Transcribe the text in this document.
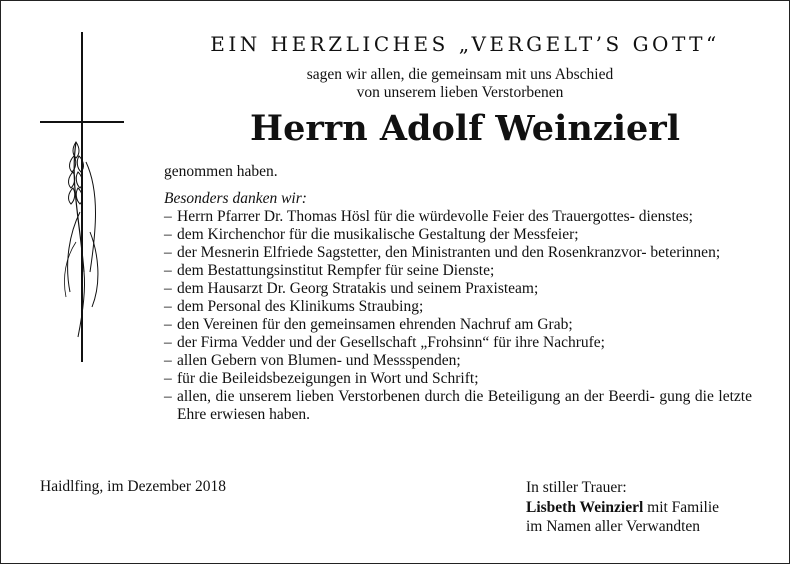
EIN HERZLICHES „VERGELT’S GOTT“
sagen wir allen, die gemeinsam mit uns Abschied
von unserem lieben Verstorbenen
Herrn Adolf Weinzierl
genommen haben.
Besonders danken wir:
– Herrn Pfarrer Dr. Thomas Hösl für die würdevolle Feier des Trauergottes- dienstes;
– dem Kirchenchor für die musikalische Gestaltung der Messfeier;
– der Mesnerin Elfriede Sagstetter, den Ministranten und den Rosenkranzvor- beterinnen;
– dem Bestattungsinstitut Rempfer für seine Dienste;
– dem Hausarzt Dr. Georg Stratakis und seinem Praxisteam;
– dem Personal des Klinikums Straubing;
– den Vereinen für den gemeinsamen ehrenden Nachruf am Grab;
– der Firma Vedder und der Gesellschaft „Frohsinn“ für ihre Nachrufe;
– allen Gebern von Blumen- und Messspenden;
– für die Beileidsbezeigungen in Wort und Schrift;
– allen, die unserem lieben Verstorbenen durch die Beteiligung an der Beerdi- gung die letzte Ehre erwiesen haben.
Haidlfing, im Dezember 2018	In stiller Trauer:
Lisbeth Weinzierl mit Familie
im Namen aller Verwandten
